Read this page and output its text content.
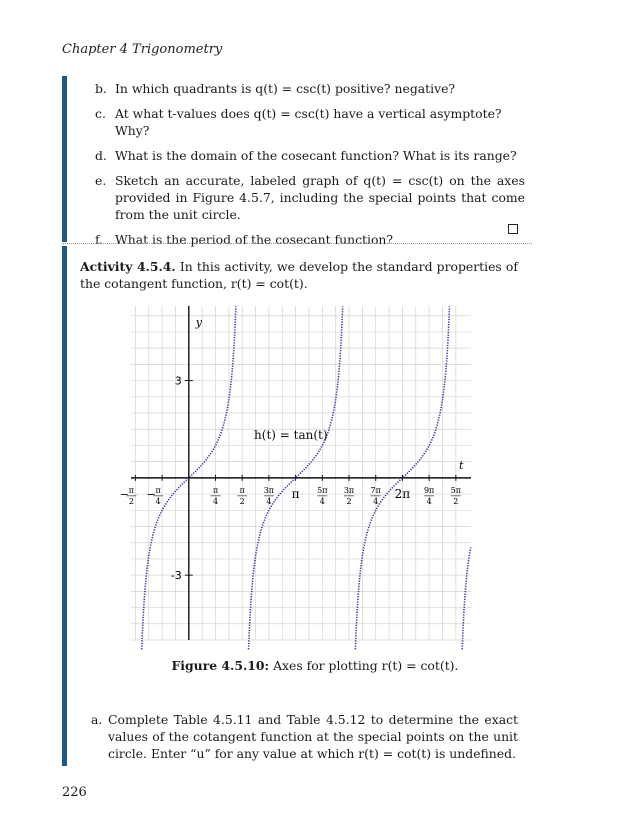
Chapter 4 Trigonometry
b. In which quadrants is q(t) = csc(t) positive? negative?
c. At what t-values does q(t) = csc(t) have a vertical asymptote? Why?
d. What is the domain of the cosecant function? What is its range?
e. Sketch an accurate, labeled graph of q(t) = csc(t) on the axes provided in Figure 4.5.7, including the special points that come from the unit circle.
f. What is the period of the cosecant function?
Activity 4.5.4. In this activity, we develop the standard properties of the cotangent function, r(t) = cot(t).
t
y
− π
2
− π
4
π
4
π
2
3π
4
π 5π
4
3π
2
7π
4
2π 9π
4
5π
2
3
-3
h(t) = tan(t)
Figure 4.5.10: Axes for plotting r(t) = cot(t).
a. Complete Table 4.5.11 and Table 4.5.12 to determine the exact values of the cotangent function at the special points on the unit circle. Enter “u” for any value at which r(t) = cot(t) is undefined.
226
